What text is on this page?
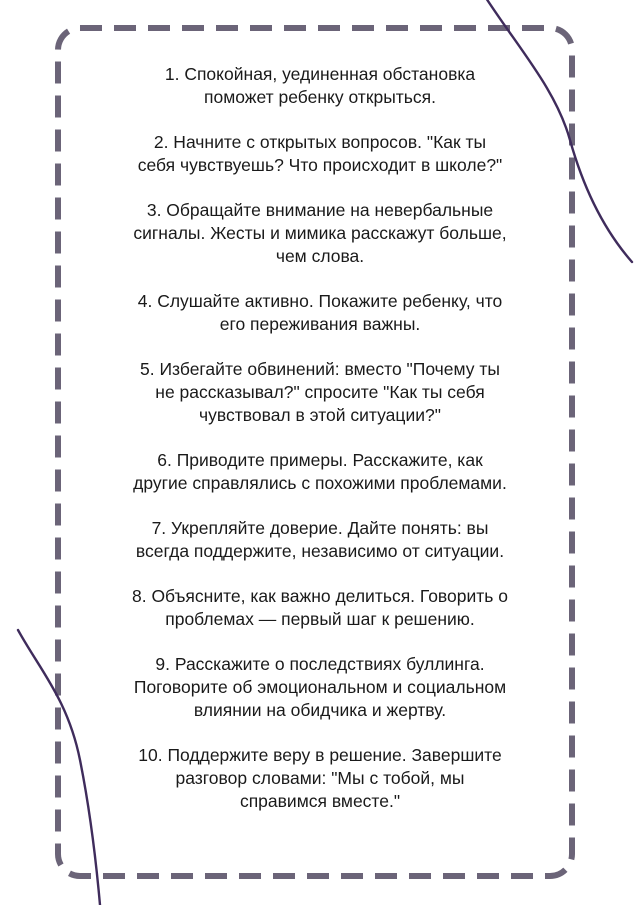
1. Спокойная, уединенная обстановка
поможет ребенку открыться.
2. Начните с открытых вопросов. "Как ты
себя чувствуешь? Что происходит в школе?"
3. Обращайте внимание на невербальные
сигналы. Жесты и мимика расскажут больше,
чем слова.
4. Слушайте активно. Покажите ребенку, что
его переживания важны.
5. Избегайте обвинений: вместо "Почему ты
не рассказывал?" спросите "Как ты себя
чувствовал в этой ситуации?"
6. Приводите примеры. Расскажите, как
другие справлялись с похожими проблемами.
7. Укрепляйте доверие. Дайте понять: вы
всегда поддержите, независимо от ситуации.
8. Объясните, как важно делиться. Говорить о
проблемах — первый шаг к решению.
9. Расскажите о последствиях буллинга.
Поговорите об эмоциональном и социальном
влиянии на обидчика и жертву.
10. Поддержите веру в решение. Завершите
разговор словами: "Мы с тобой, мы
справимся вместе."
